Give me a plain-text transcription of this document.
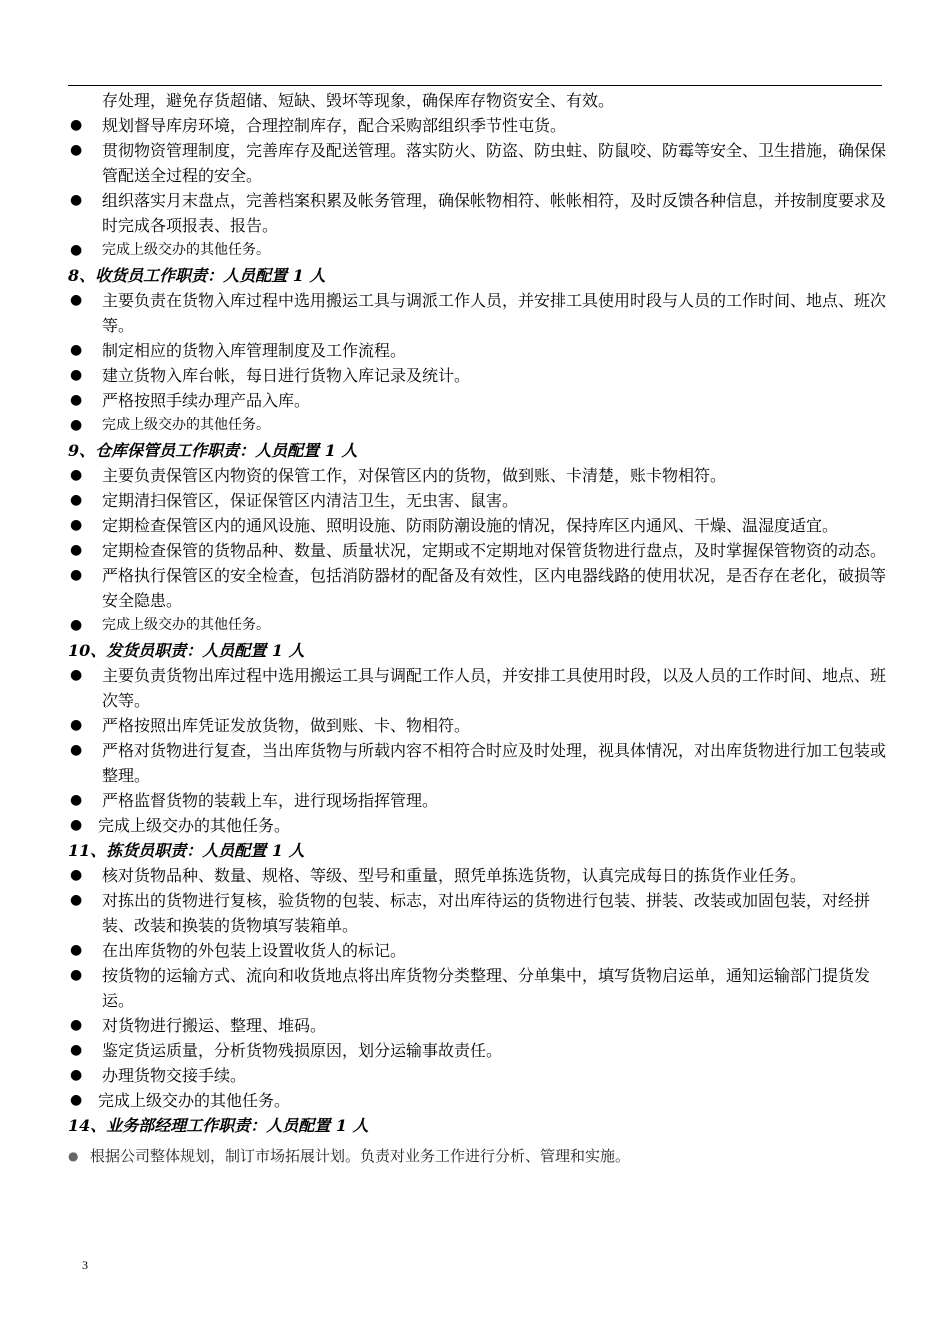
存处理，避免存货超储、短缺、毁坏等现象，确保库存物资安全、有效。

● 规划督导库房环境，合理控制库存，配合采购部组织季节性屯货。
● 贯彻物资管理制度，完善库存及配送管理。落实防火、防盗、防虫蛀、防鼠咬、防霉等安全、卫生措施，确保保管配送全过程的安全。
● 组织落实月末盘点，完善档案积累及帐务管理，确保帐物相符、帐帐相符，及时反馈各种信息，并按制度要求及时完成各项报表、报告。
● 完成上级交办的其他任务。
8、收货员工作职责：人员配置 1 人
● 主要负责在货物入库过程中选用搬运工具与调派工作人员，并安排工具使用时段与人员的工作时间、地点、班次等。
● 制定相应的货物入库管理制度及工作流程。
● 建立货物入库台帐，每日进行货物入库记录及统计。
● 严格按照手续办理产品入库。
● 完成上级交办的其他任务。
9、仓库保管员工作职责：人员配置 1 人
● 主要负责保管区内物资的保管工作，对保管区内的货物，做到账、卡清楚，账卡物相符。
● 定期清扫保管区，保证保管区内清洁卫生，无虫害、鼠害。
● 定期检查保管区内的通风设施、照明设施、防雨防潮设施的情况，保持库区内通风、干燥、温湿度适宜。
● 定期检查保管的货物品种、数量、质量状况，定期或不定期地对保管货物进行盘点，及时掌握保管物资的动态。
● 严格执行保管区的安全检查，包括消防器材的配备及有效性，区内电器线路的使用状况，是否存在老化，破损等安全隐患。
● 完成上级交办的其他任务。
10、发货员职责：人员配置 1 人
● 主要负责货物出库过程中选用搬运工具与调配工作人员，并安排工具使用时段，以及人员的工作时间、地点、班次等。
● 严格按照出库凭证发放货物，做到账、卡、物相符。
● 严格对货物进行复查，当出库货物与所载内容不相符合时应及时处理，视具体情况，对出库货物进行加工包装或整理。
● 严格监督货物的装载上车，进行现场指挥管理。
● 完成上级交办的其他任务。
11、拣货员职责：人员配置 1 人
● 核对货物品种、数量、规格、等级、型号和重量，照凭单拣选货物，认真完成每日的拣货作业任务。
● 对拣出的货物进行复核，验货物的包装、标志，对出库待运的货物进行包装、拼装、改装或加固包装，对经拼装、改装和换装的货物填写装箱单。
● 在出库货物的外包装上设置收货人的标记。
● 按货物的运输方式、流向和收货地点将出库货物分类整理、分单集中，填写货物启运单，通知运输部门提货发运。
● 对货物进行搬运、整理、堆码。
● 鉴定货运质量，分析货物残损原因，划分运输事故责任。
● 办理货物交接手续。
● 完成上级交办的其他任务。
14、业务部经理工作职责：人员配置 1 人
● 根据公司整体规划，制订市场拓展计划。负责对业务工作进行分析、管理和实施。
3
